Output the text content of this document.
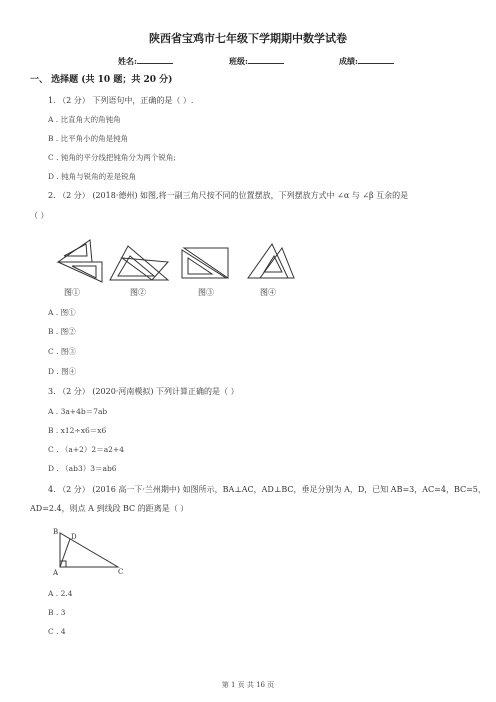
陕西省宝鸡市七年级下学期期中数学试卷
姓名:	班级:	成绩:
一、 选择题 (共 10 题；共 20 分)
1. （2 分） 下列语句中，正确的是（ ）.
A . 比直角大的角钝角
B . 比平角小的角是钝角
C . 钝角的平分线把钝角分为两个锐角;
D . 钝角与锐角的差是锐角
2. （2 分） (2018·德州) 如图,将一副三角尺按不同的位置摆放，下列摆放方式中 ∠α 与 ∠β 互余的是
（ ）
图①	图②	图③	图④
A . 图①
B . 图②
C . 图③
D . 图④
3. （2 分） (2020·河南模拟) 下列计算正确的是（ ）
A . 3a+4b＝7ab
B . x12÷x6＝x6
C . （a+2）2＝a2+4
D . （ab3）3＝ab6
4. （2 分） (2016 高一下·兰州期中) 如图所示，BA⊥AC，AD⊥BC，垂足分别为 A，D，已知 AB=3，AC=4，BC=5，
AD=2.4，则点 A 到线段 BC 的距离是（ ）
B
D
A	C
A . 2.4
B . 3
C . 4
第 1 页 共 16 页
